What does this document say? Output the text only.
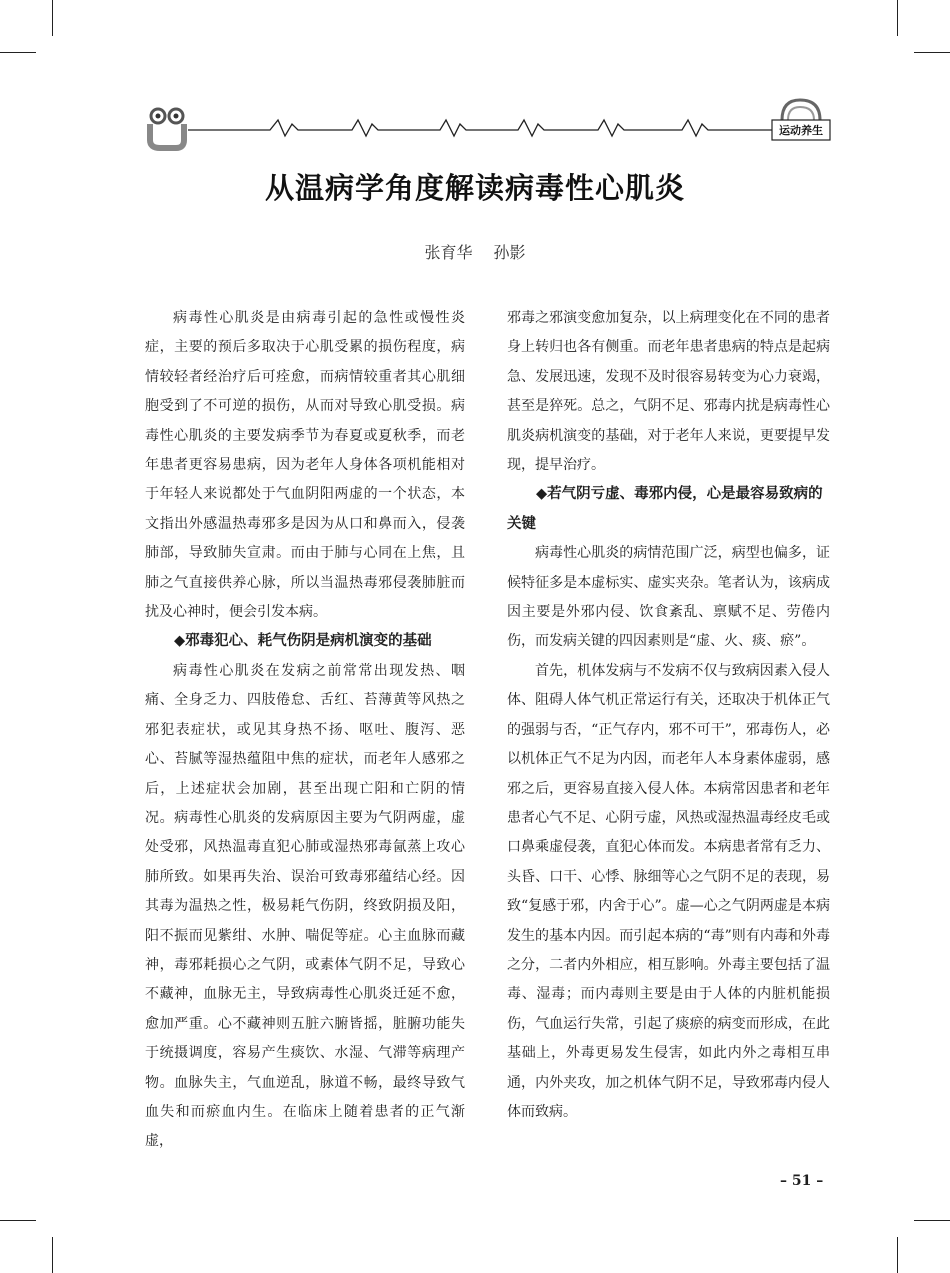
运动养生
从温病学角度解读病毒性心肌炎
张育华 孙影

病毒性心肌炎是由病毒引起的急性或慢性炎症，主要的预后多取决于心肌受累的损伤程度，病情较轻者经治疗后可痊愈，而病情较重者其心肌细胞受到了不可逆的损伤，从而对导致心肌受损。病毒性心肌炎的主要发病季节为春夏或夏秋季，而老年患者更容易患病，因为老年人身体各项机能相对于年轻人来说都处于气血阴阳两虚的一个状态，本文指出外感温热毒邪多是因为从口和鼻而入，侵袭肺部，导致肺失宣肃。而由于肺与心同在上焦，且肺之气直接供养心脉，所以当温热毒邪侵袭肺脏而扰及心神时，便会引发本病。

◆邪毒犯心、耗气伤阴是病机演变的基础

病毒性心肌炎在发病之前常常出现发热、咽痛、全身乏力、四肢倦怠、舌红、苔薄黄等风热之邪犯表症状，或见其身热不扬、呕吐、腹泻、恶心、苔腻等湿热蕴阻中焦的症状，而老年人感邪之后，上述症状会加剧，甚至出现亡阳和亡阴的情况。病毒性心肌炎的发病原因主要为气阴两虚，虚处受邪，风热温毒直犯心肺或湿热邪毒氤蒸上攻心肺所致。如果再失治、误治可致毒邪蕴结心经。因其毒为温热之性，极易耗气伤阴，终致阴损及阳，阳不振而见紫绀、水肿、喘促等症。心主血脉而藏神，毒邪耗损心之气阴，或素体气阴不足，导致心不藏神，血脉无主，导致病毒性心肌炎迁延不愈，愈加严重。心不藏神则五脏六腑皆摇，脏腑功能失于统摄调度，容易产生痰饮、水湿、气滞等病理产物。血脉失主，气血逆乱，脉道不畅，最终导致气血失和而瘀血内生。在临床上随着患者的正气渐虚，

邪毒之邪演变愈加复杂，以上病理变化在不同的患者身上转归也各有侧重。而老年患者患病的特点是起病急、发展迅速，发现不及时很容易转变为心力衰竭，甚至是猝死。总之，气阴不足、邪毒内扰是病毒性心肌炎病机演变的基础，对于老年人来说，更要提早发现，提早治疗。

◆若气阴亏虚、毒邪内侵，心是最容易致病的关键

病毒性心肌炎的病情范围广泛，病型也偏多，证候特征多是本虚标实、虚实夹杂。笔者认为，该病成因主要是外邪内侵、饮食紊乱、禀赋不足、劳倦内伤，而发病关键的四因素则是“虚、火、痰、瘀”。

首先，机体发病与不发病不仅与致病因素入侵人体、阻碍人体气机正常运行有关，还取决于机体正气的强弱与否，“正气存内，邪不可干”，邪毒伤人，必以机体正气不足为内因，而老年人本身素体虚弱，感邪之后，更容易直接入侵人体。本病常因患者和老年患者心气不足、心阴亏虚，风热或湿热温毒经皮毛或口鼻乘虚侵袭，直犯心体而发。本病患者常有乏力、头昏、口干、心悸、脉细等心之气阴不足的表现，易致“复感于邪，内舍于心”。虚—心之气阴两虚是本病发生的基本内因。而引起本病的“毒”则有内毒和外毒之分，二者内外相应，相互影响。外毒主要包括了温毒、湿毒；而内毒则主要是由于人体的内脏机能损伤，气血运行失常，引起了痰瘀的病变而形成，在此基础上，外毒更易发生侵害，如此内外之毒相互串通，内外夹攻，加之机体气阴不足，导致邪毒内侵人体而致病。

– 51 –
